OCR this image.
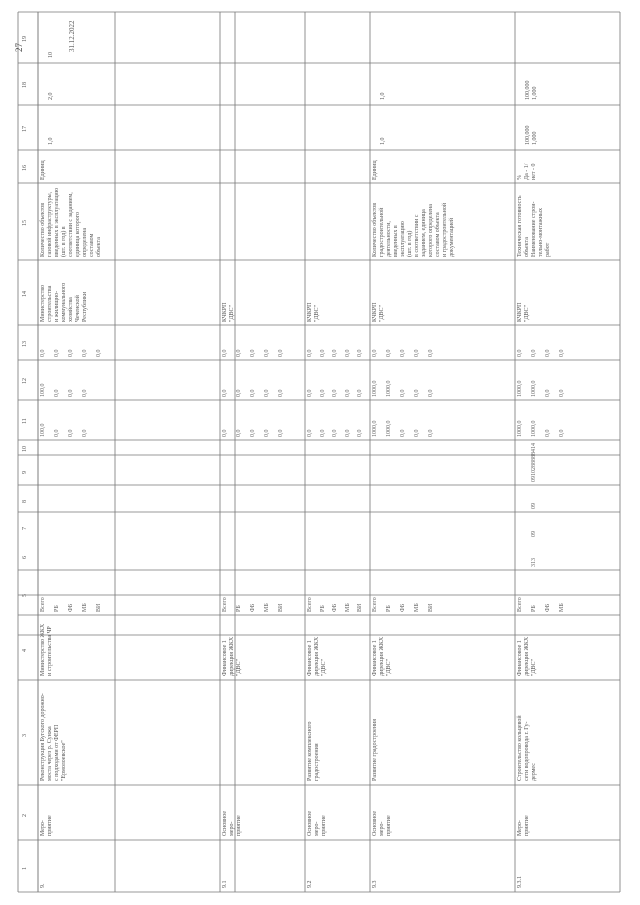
27	31.12.2022
19
18
17
16
15
14
13
12
11
10
9
8
7
6
5
4
3
2
1
9.
Меро-
приятие
Реконструкция Бугского дорожно-
моста через р. Сунжа
с подходами от ФЕРП
"Ермолоевское"
Министерство ЖКХ
и строительства ЧР
Всего
100,0
100,0
0,0
РБ
0,0
0,0
0,0
ФБ
0,0
0,0
0,0
МБ
0,0
0,0
0,0
ВИ
0,0
Министерство
строительства
и жилищно-
коммунального
хозяйства
Чеченской
Республики
Количество объектов
газовой инфраструктуры,
введенных в эксплуатацию
(шт. в год) в
соответствии с заданием,
единица которого
определена
составом
объекта
Единиц
1,0
2,0
10
9.1
Основное
меро-
приятие
Финансовое 1
дирекция ЖКХ
"ДВС"
Всего
0,0
0,0
0,0
РБ
0,0
0,0
0,0
ФБ
0,0
0,0
0,0
МБ
0,0
0,0
0,0
ВИ
0,0
0,0
0,0
КЧКРП
"ДВС"
9.2
Основное
меро-
приятие
Развитие комплексного
градостроения
Финансовое 1
дирекция ЖКХ
"ДВС"
Всего
0,0
0,0
0,0
РБ
0,0
0,0
0,0
ФБ
0,0
0,0
0,0
МБ
0,0
0,0
0,0
ВИ
0,0
0,0
0,0
КЧКРП
"ДВС"
9.3
Основное
меро-
приятие
Развитие градостроения
Финансовое 1
дирекция ЖКХ
"ДВС"
Всего
1000,0
1000,0
0,0
РБ
1000,0
1000,0
0,0
ФБ
0,0
0,0
0,0
МБ
0,0
0,0
0,0
ВИ
0,0
0,0
0,0
КЧКРП
"ДВС"
Количество объектов
градостроительной
деятельности,
введенных в
эксплуатацию
(шт. в год)
в соответствии с
заданием, единица
которого определена
составом объекта
и градостроительной
документацией
Единиц
1,0
1,0
9.3.1
Меро-
приятие
Строительство кольцевой
сети водопровода г. Гу-
дермес
Финансовое 1
дирекция ЖКХ
"ДВС"
Всего
1000,0
1000,0
0,0
РБ
1000,0
1000,0
0,0
ФБ
0,0
0,0
0,0
МБ
0,0
0,0
0,0
313
09
09
0910288888
414
КЧКРП
"ДВС"
Техническая готовность
объекта
Наименование строи-
тельно-монтажных
работ
%
Да - 1/
нет - 0
100,000
1,000
100,000
1,000
